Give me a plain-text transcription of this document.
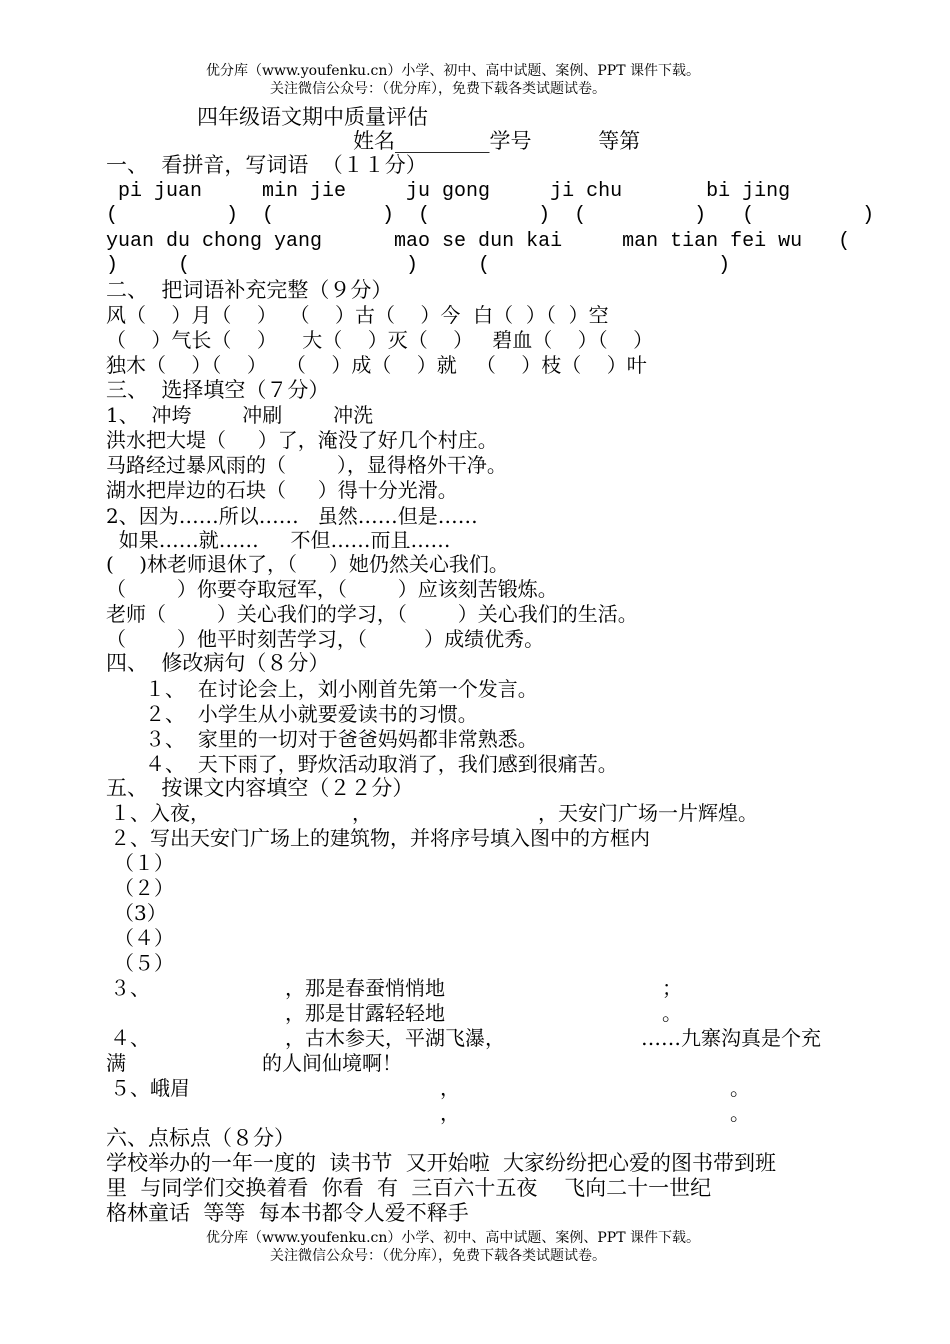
优分库（www.youfenku.cn）小学、初中、高中试题、案例、PPT 课件下载。
关注微信公众号：（优分库），免费下载各类试题试卷。
四年级语文期中质量评估
姓名_________学号          等第
一、  看拼音，写词语  （１１分）
pi juan     min jie     ju gong     ji chu       bi jing
(         )  (         )  (         )  (         )   (         )
yuan du chong yang      mao se dun kai     man tian fei wu   (
)     (                  )     (                   )
二、  把词语补充完整（９分）
风（    ）月（    ）  （    ）古（    ）今  白（  ）（  ）空
（    ）气长（    ）    大（    ）灭（    ）   碧血（    ）（    ）
独木（    ）（    ）   （    ）成（    ）就   （    ）枝（    ）叶
三、  选择填空（７分）
1、  冲垮        冲刷        冲洗
洪水把大堤（     ）了，淹没了好几个村庄。
马路经过暴风雨的（        ），显得格外干净。
湖水把岸边的石块（     ）得十分光滑。
2、因为……所以……   虽然……但是……
如果……就……     不但……而且……
(    )林老师退休了，（     ）她仍然关心我们。
（        ）你要夺取冠军，（        ）应该刻苦锻炼。
老师（        ）关心我们的学习，（        ）关心我们的生活。
（        ）他平时刻苦学习，（         ）成绩优秀。
四、  修改病句（８分）
１、  在讨论会上，刘小刚首先第一个发言。
２、  小学生从小就要爱读书的习惯。
３、  家里的一切对于爸爸妈妈都非常熟悉。
４、  天下雨了，野炊活动取消了，我们感到很痛苦。
五、  按课文内容填空（２２分）
１、入夜，	，	，天安门广场一片辉煌。
２、写出天安门广场上的建筑物，并将序号填入图中的方框内
（１）
（２）
（3）
（４）
（５）
３、	，那是春蚕悄悄地	；
，那是甘露轻轻地	。
４、	，古木参天，平湖飞瀑，	……九寨沟真是个充
满	的人间仙境啊！
５、峨眉	，	。
，	。
六、点标点（８分）
学校举办的一年一度的  读书节  又开始啦  大家纷纷把心爱的图书带到班
里  与同学们交换着看  你看  有  三百六十五夜    飞向二十一世纪
格林童话  等等  每本书都令人爱不释手
优分库（www.youfenku.cn）小学、初中、高中试题、案例、PPT 课件下载。
关注微信公众号：（优分库），免费下载各类试题试卷。
